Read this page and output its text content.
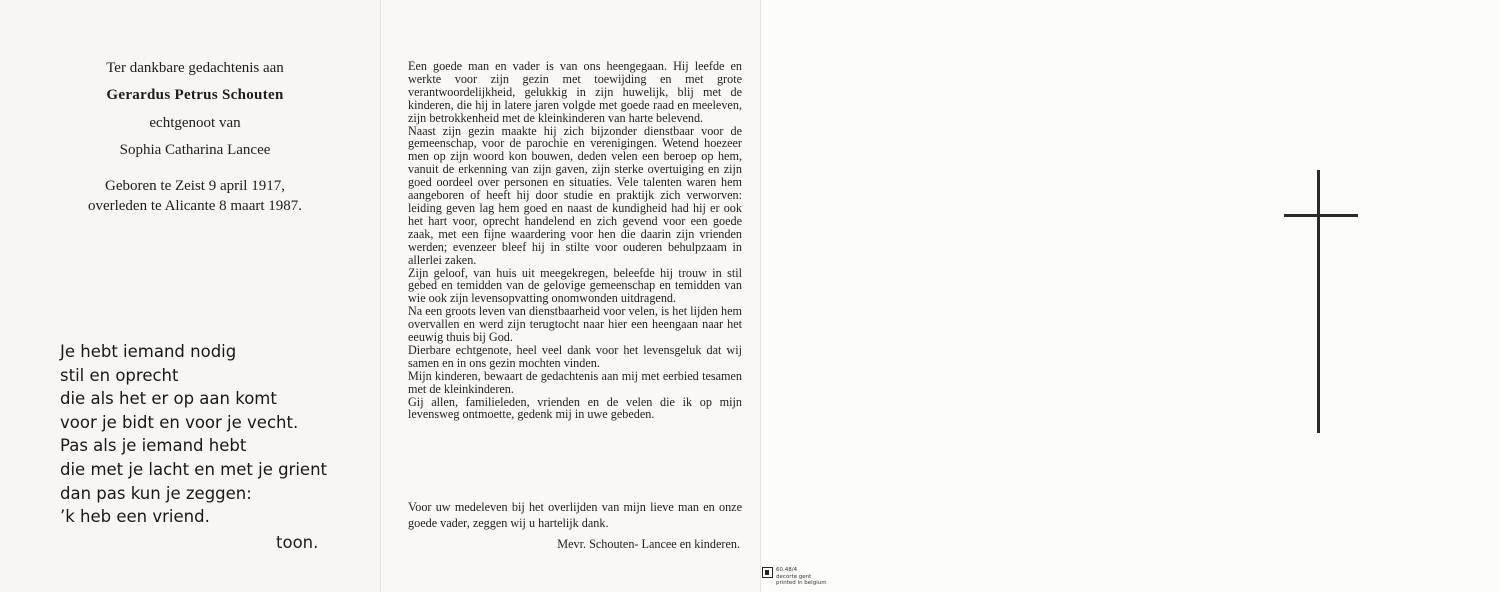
Ter dankbare gedachtenis aan
Gerardus Petrus Schouten
echtgenoot van
Sophia Catharina Lancee
Geboren te Zeist 9 april 1917,
overleden te Alicante 8 maart 1987.
Je hebt iemand nodig
stil en oprecht
die als het er op aan komt
voor je bidt en voor je vecht.
Pas als je iemand hebt
die met je lacht en met je grient
dan pas kun je zeggen:
’k heb een vriend.
toon.

Een goede man en vader is van ons heengegaan. Hij leefde en werkte voor zijn gezin met toewijding en met grote verantwoordelijkheid, gelukkig in zijn huwelijk, blij met de kinderen, die hij in latere jaren volgde met goede raad en meeleven, zijn betrokkenheid met de kleinkinderen van harte belevend.

Naast zijn gezin maakte hij zich bijzonder dienstbaar voor de gemeenschap, voor de parochie en verenigingen. Wetend hoezeer men op zijn woord kon bouwen, deden velen een beroep op hem, vanuit de erkenning van zijn gaven, zijn sterke overtuiging en zijn goed oordeel over personen en situaties. Vele talenten waren hem aangeboren of heeft hij door studie en praktijk zich verworven: leiding geven lag hem goed en naast de kundigheid had hij er ook het hart voor, oprecht handelend en zich gevend voor een goede zaak, met een fijne waardering voor hen die daarin zijn vrienden werden; evenzeer bleef hij in stilte voor ouderen behulpzaam in allerlei zaken.

Zijn geloof, van huis uit meegekregen, beleefde hij trouw in stil gebed en temidden van de gelovige gemeenschap en temidden van wie ook zijn levensopvatting onomwonden uitdragend.

Na een groots leven van dienstbaarheid voor velen, is het lijden hem overvallen en werd zijn terugtocht naar hier een heengaan naar het eeuwig thuis bij God.

Dierbare echtgenote, heel veel dank voor het levensgeluk dat wij samen en in ons gezin mochten vinden.

Mijn kinderen, bewaart de gedachtenis aan mij met eerbied tesamen met de kleinkinderen.

Gij allen, familieleden, vrienden en de velen die ik op mijn levensweg ontmoette, gedenk mij in uwe gebeden.

Voor uw medeleven bij het overlijden van mijn lieve man en onze goede vader, zeggen wij u hartelijk dank.
Mevr. Schouten- Lancee en kinderen.
60.48/4
decorte gent
printed in belgium
